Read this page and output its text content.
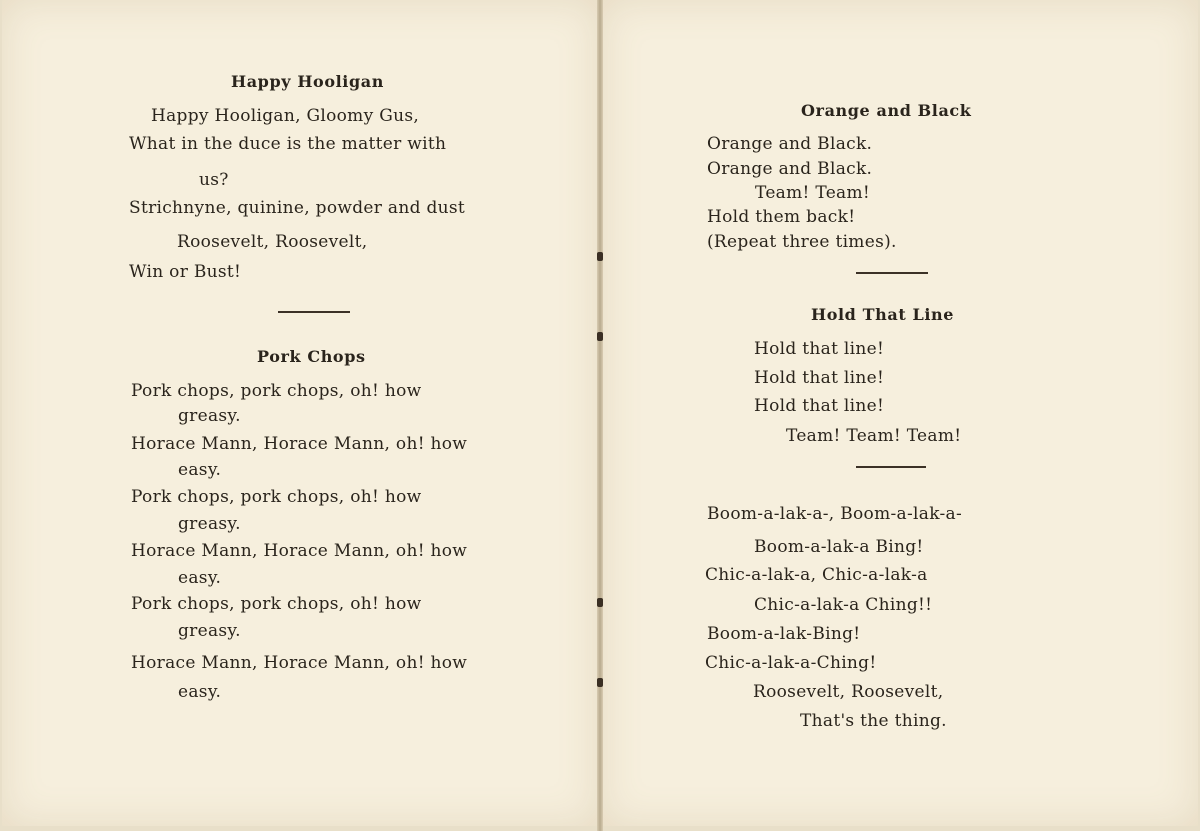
Happy Hooligan
Happy Hooligan, Gloomy Gus,
What in the duce is the matter with
us?
Strichnyne, quinine, powder and dust
Roosevelt, Roosevelt,
Win or Bust!
Pork Chops
Pork chops, pork chops, oh! how
greasy.
Horace Mann, Horace Mann, oh! how
easy.
Pork chops, pork chops, oh! how
greasy.
Horace Mann, Horace Mann, oh! how
easy.
Pork chops, pork chops, oh! how
greasy.
Horace Mann, Horace Mann, oh! how
easy.
Orange and Black
Orange and Black.
Orange and Black.
Team! Team!
Hold them back!
(Repeat three times).
Hold That Line
Hold that line!
Hold that line!
Hold that line!
Team! Team! Team!
Boom-a-lak-a-, Boom-a-lak-a-
Boom-a-lak-a Bing!
Chic-a-lak-a, Chic-a-lak-a
Chic-a-lak-a Ching!!
Boom-a-lak-Bing!
Chic-a-lak-a-Ching!
Roosevelt, Roosevelt,
That's the thing.
